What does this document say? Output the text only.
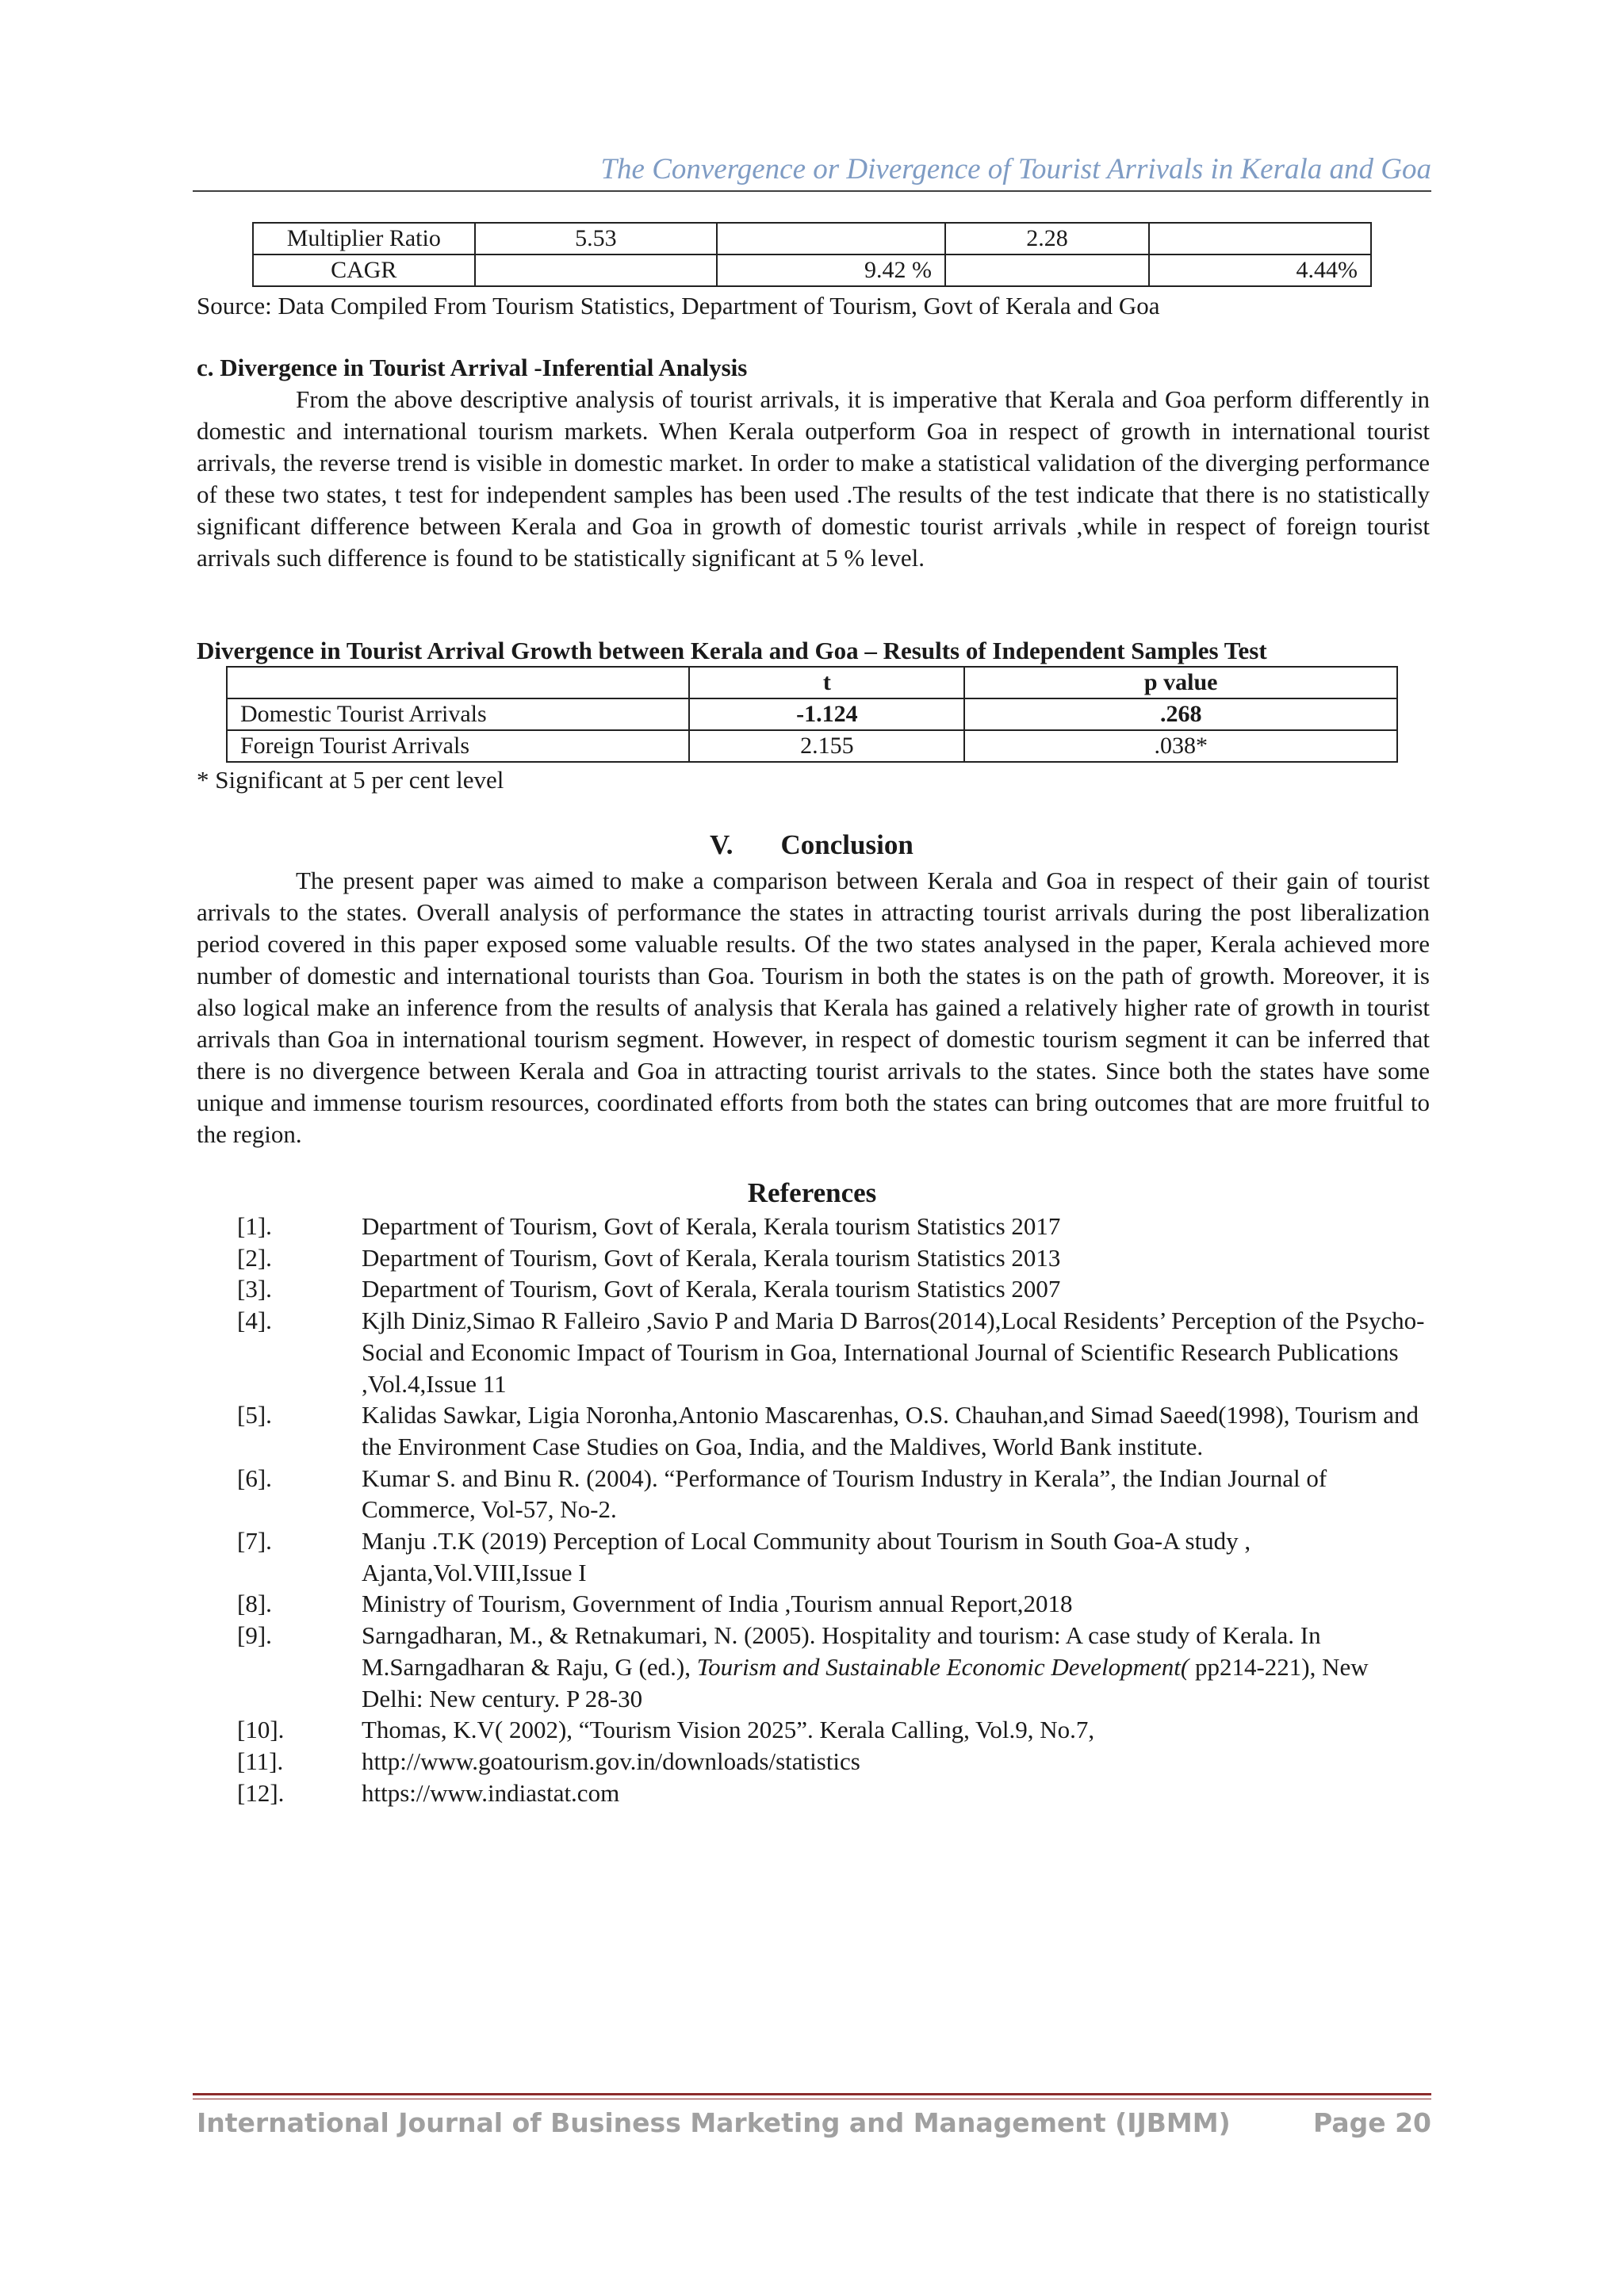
The Convergence or Divergence of Tourist Arrivals in Kerala and Goa
Multiplier Ratio	5.53		2.28	
CAGR		9.42 %		4.44%
Source: Data Compiled From Tourism Statistics, Department of Tourism, Govt of Kerala and Goa
c. Divergence in Tourist Arrival -Inferential Analysis
From the above descriptive analysis of tourist arrivals, it is imperative that Kerala and Goa perform differently in domestic and international tourism markets. When Kerala outperform Goa in respect of growth in international tourist arrivals, the reverse trend is visible in domestic market. In order to make a statistical validation of the diverging performance of these two states, t test for independent samples has been used .The results of the test indicate that there is no statistically significant difference between Kerala and Goa in growth of domestic tourist arrivals ,while in respect of foreign tourist arrivals such difference is found to be statistically significant at 5 % level.
Divergence in Tourist Arrival Growth between Kerala and Goa – Results of Independent Samples Test
	t	p value
Domestic Tourist Arrivals	-1.124	.268
Foreign Tourist Arrivals	2.155	.038*
* Significant at 5 per cent level
V. Conclusion
The present paper was aimed to make a comparison between Kerala and Goa in respect of their gain of tourist arrivals to the states. Overall analysis of performance the states in attracting tourist arrivals during the post liberalization period covered in this paper exposed some valuable results. Of the two states analysed in the paper, Kerala achieved more number of domestic and international tourists than Goa. Tourism in both the states is on the path of growth. Moreover, it is also logical make an inference from the results of analysis that Kerala has gained a relatively higher rate of growth in tourist arrivals than Goa in international tourism segment. However, in respect of domestic tourism segment it can be inferred that there is no divergence between Kerala and Goa in attracting tourist arrivals to the states. Since both the states have some unique and immense tourism resources, coordinated efforts from both the states can bring outcomes that are more fruitful to the region.
References
[1].	Department of Tourism, Govt of Kerala, Kerala tourism Statistics 2017
[2].	Department of Tourism, Govt of Kerala, Kerala tourism Statistics 2013
[3].	Department of Tourism, Govt of Kerala, Kerala tourism Statistics 2007
[4].	Kjlh Diniz,Simao R Falleiro ,Savio P and Maria D Barros(2014),Local Residents’ Perception of the Psycho-Social and Economic Impact of Tourism in Goa, International Journal of Scientific Research Publications ,Vol.4,Issue 11
[5].	Kalidas Sawkar, Ligia Noronha,Antonio Mascarenhas, O.S. Chauhan,and Simad Saeed(1998), Tourism and the Environment Case Studies on Goa, India, and the Maldives, World Bank institute.
[6].	Kumar S. and Binu R. (2004). “Performance of Tourism Industry in Kerala”, the Indian Journal of Commerce, Vol-57, No-2.
[7].	Manju .T.K (2019) Perception of Local Community about Tourism in South Goa-A study , Ajanta,Vol.VIII,Issue I
[8].	Ministry of Tourism, Government of India ,Tourism annual Report,2018
[9].	Sarngadharan, M., & Retnakumari, N. (2005). Hospitality and tourism: A case study of Kerala. In M.Sarngadharan & Raju, G (ed.), Tourism and Sustainable Economic Development( pp214-221), New Delhi: New century. P 28-30
[10].	Thomas, K.V( 2002), “Tourism Vision 2025”. Kerala Calling, Vol.9, No.7,
[11].	http://www.goatourism.gov.in/downloads/statistics
[12].	https://www.indiastat.com
International Journal of Business Marketing and Management (IJBMM)	Page 20
